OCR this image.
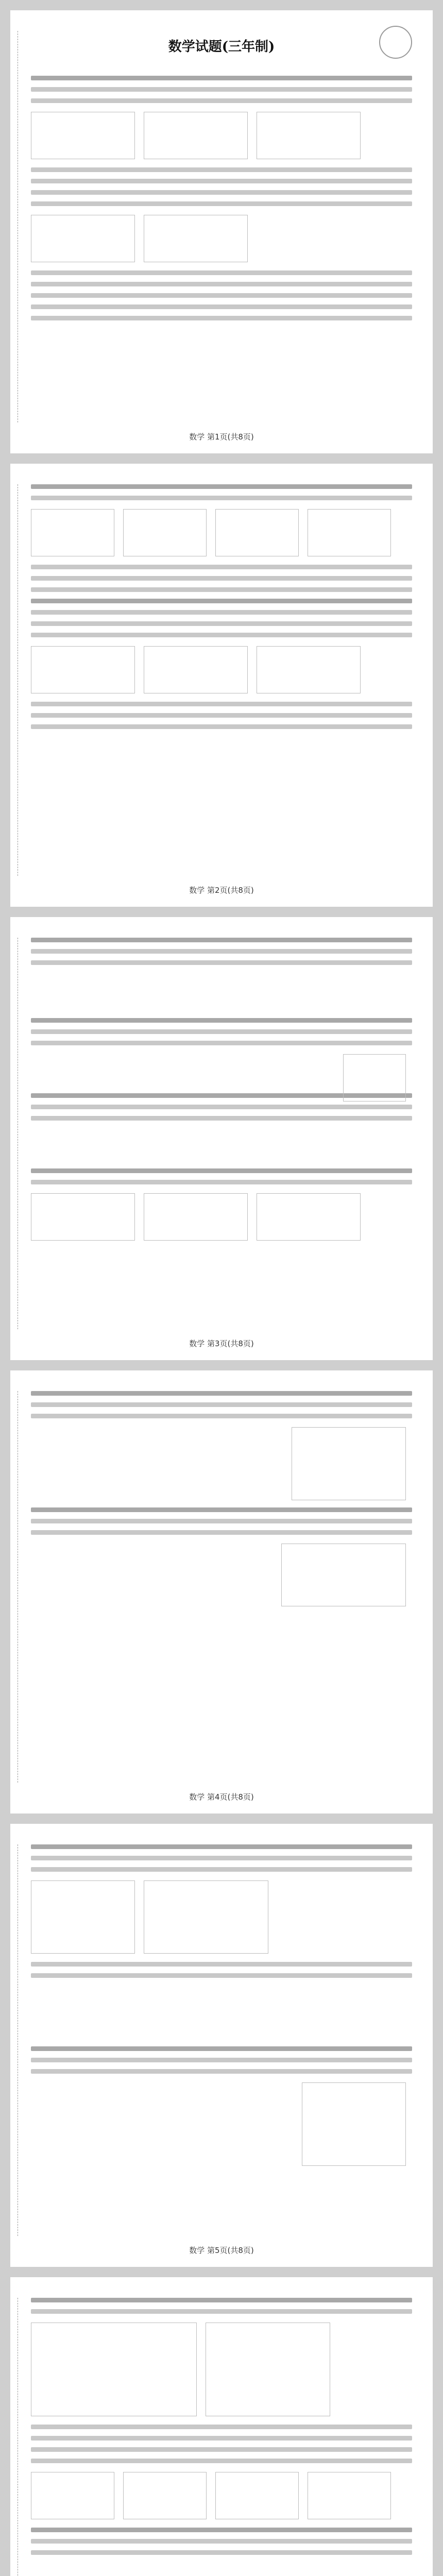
数学试题(三年制)

数学 第1页(共8页)

数学 第2页(共8页)

数学 第3页(共8页)
数学 第4页(共8页)

数学 第5页(共8页)
